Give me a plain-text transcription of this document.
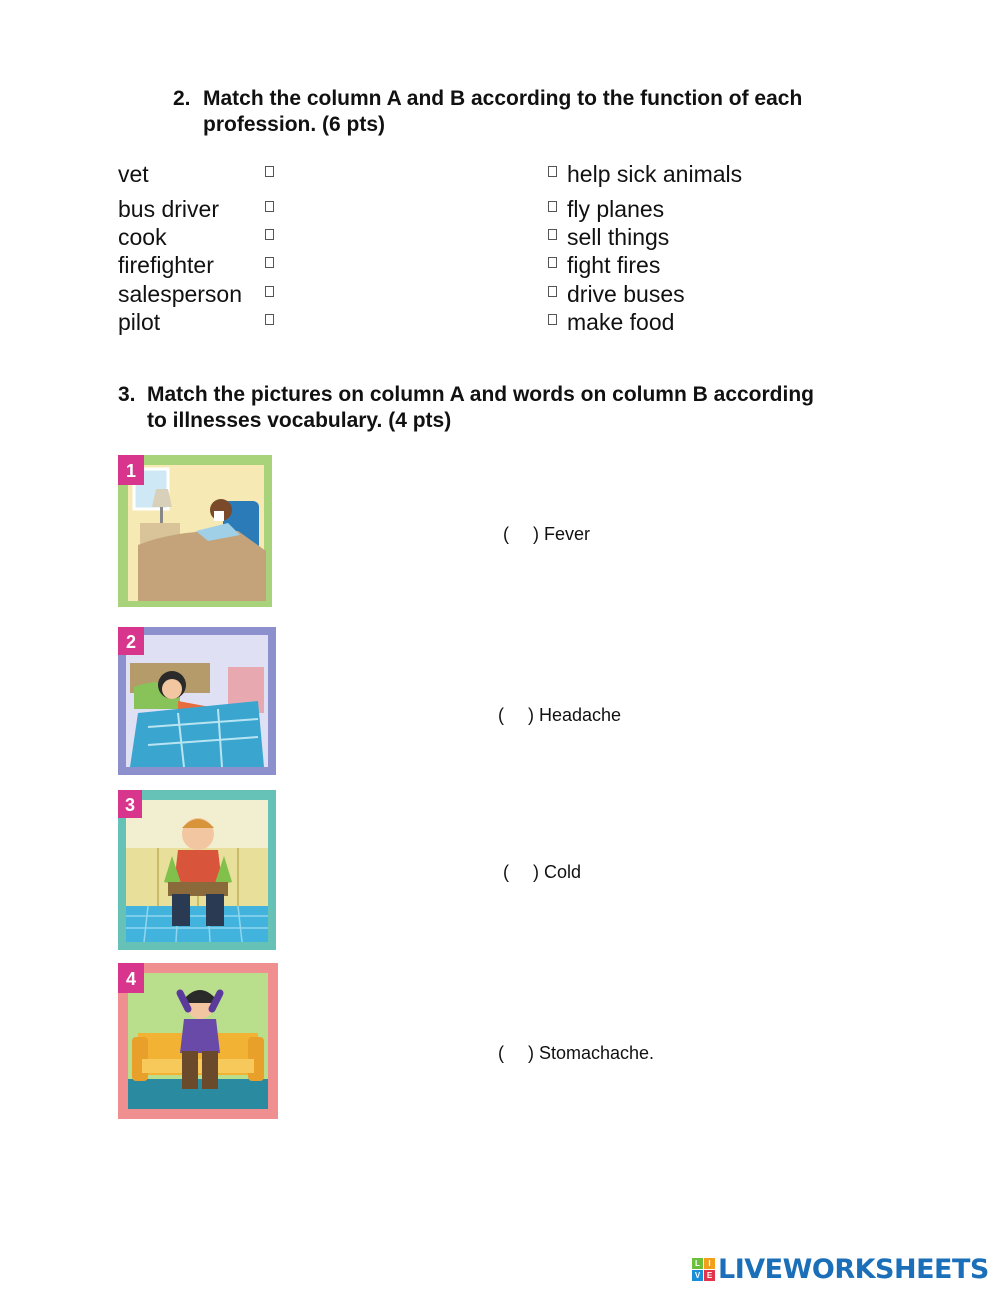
2. Match the column A and B according to the function of each
profession. (6 pts)
vet
bus driver
cook
firefighter
salesperson
pilot
help sick animals
fly planes
sell things
fight fires
drive buses
make food
3. Match the pictures on column A and words on column B according
to illnesses vocabulary. (4 pts)
1
2
3
4
( ) Fever
( ) Headache
( ) Cold
( ) Stomachache.
L	I
V E LIVEWORKSHEETS
